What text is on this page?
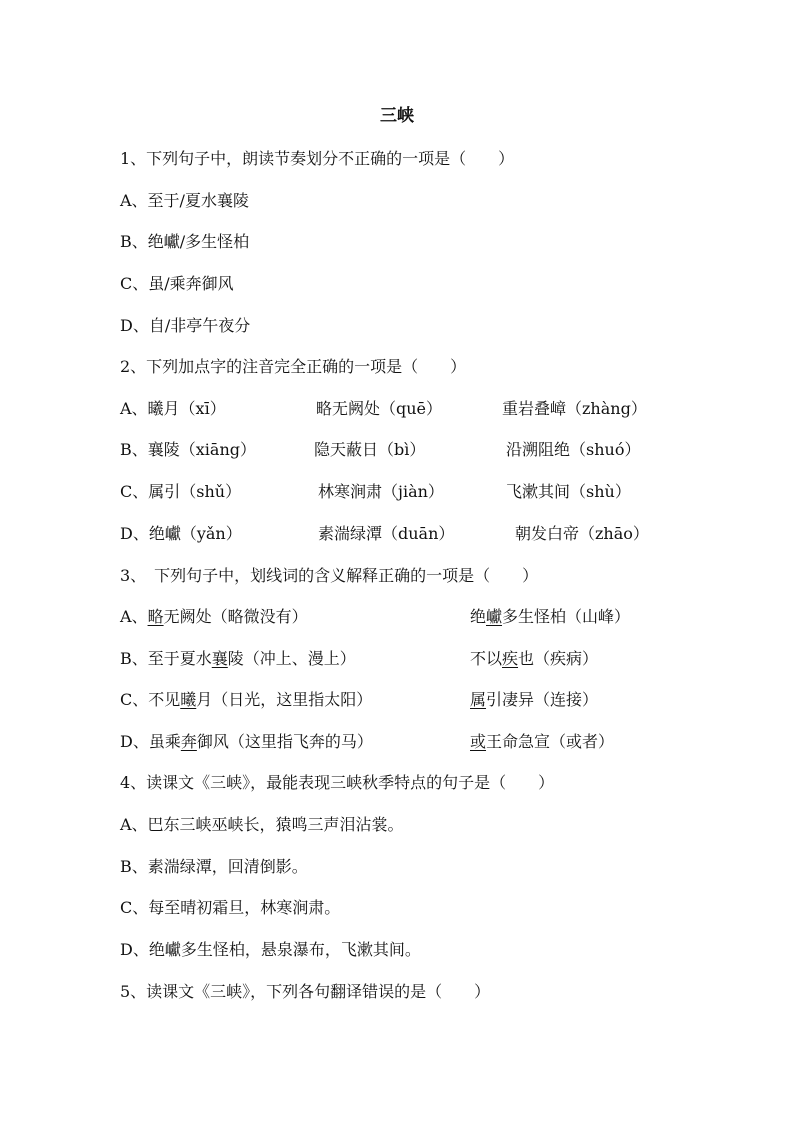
三峡
1、下列句子中，朗读节奏划分不正确的一项是（　　）
A、至于/夏水襄陵
B、绝巘/多生怪柏
C、虽/乘奔御风
D、自/非亭午夜分
2、下列加点字的注音完全正确的一项是（　　）
A、曦月（xī）	略无阙处（quē）	重岩叠嶂（zhàng）
B、襄陵（xiāng）	隐天蔽日（bì）	沿溯阻绝（shuó）
C、属引（shǔ）	林寒涧肃（jiàn）	飞漱其间（shù）
D、绝巘（yǎn）	素湍绿潭（duān）	朝发白帝（zhāo）
3、　下列句子中，划线词的含义解释正确的一项是（　　）
A、略无阙处（略微没有）	绝巘多生怪柏（山峰）
B、至于夏水襄陵（冲上、漫上）	不以疾也（疾病）
C、不见曦月（日光，这里指太阳）	属引凄异（连接）
D、虽乘奔御风（这里指飞奔的马）	或王命急宣（或者）
4、读课文《三峡》，最能表现三峡秋季特点的句子是（　　）
A、巴东三峡巫峡长，猿鸣三声泪沾裳。
B、素湍绿潭，回清倒影。
C、每至晴初霜旦，林寒涧肃。
D、绝巘多生怪柏，悬泉瀑布，飞漱其间。
5、读课文《三峡》，下列各句翻译错误的是（　　）
